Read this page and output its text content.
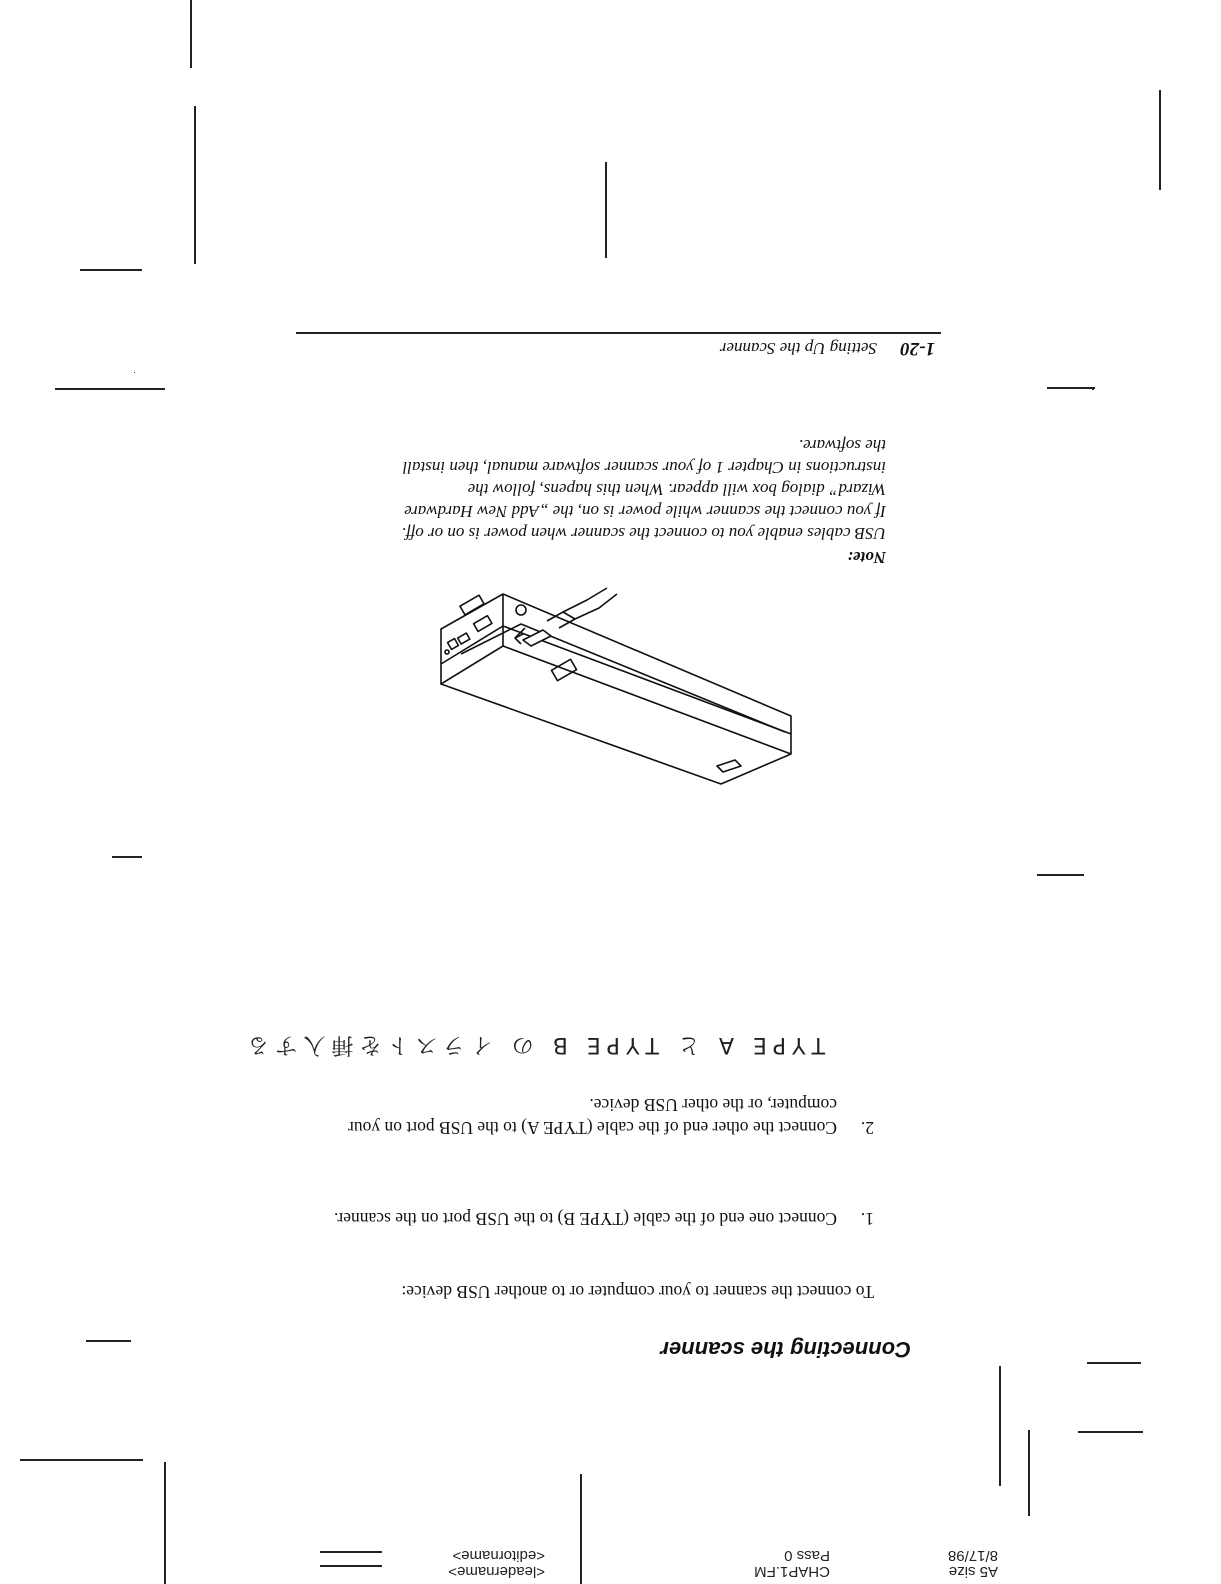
A5 size
8/17/98
CHAP1.FM
Pass 0
<leadername>
<editorname>
Connecting the scanner
To connect the scanner to your computer or to another USB device:
1.
Connect one end of the cable (TYPE B) to the USB port on the scanner.
2.
Connect the other end of the cable (TYPE A) to the USB port on your computer, or the other USB device.
TYPE A と TYPE B の イラストを挿入する
Note:
USB cables enable you to connect the scanner when power is on or off.
If you connect the scanner while power is on, the „Add New Hardware
Wizard” dialog box will appear. When this hapens, follow the
instructions in Chapter 1 of your scanner software manual, then install
the software.
1-20
Setting Up the Scanner
